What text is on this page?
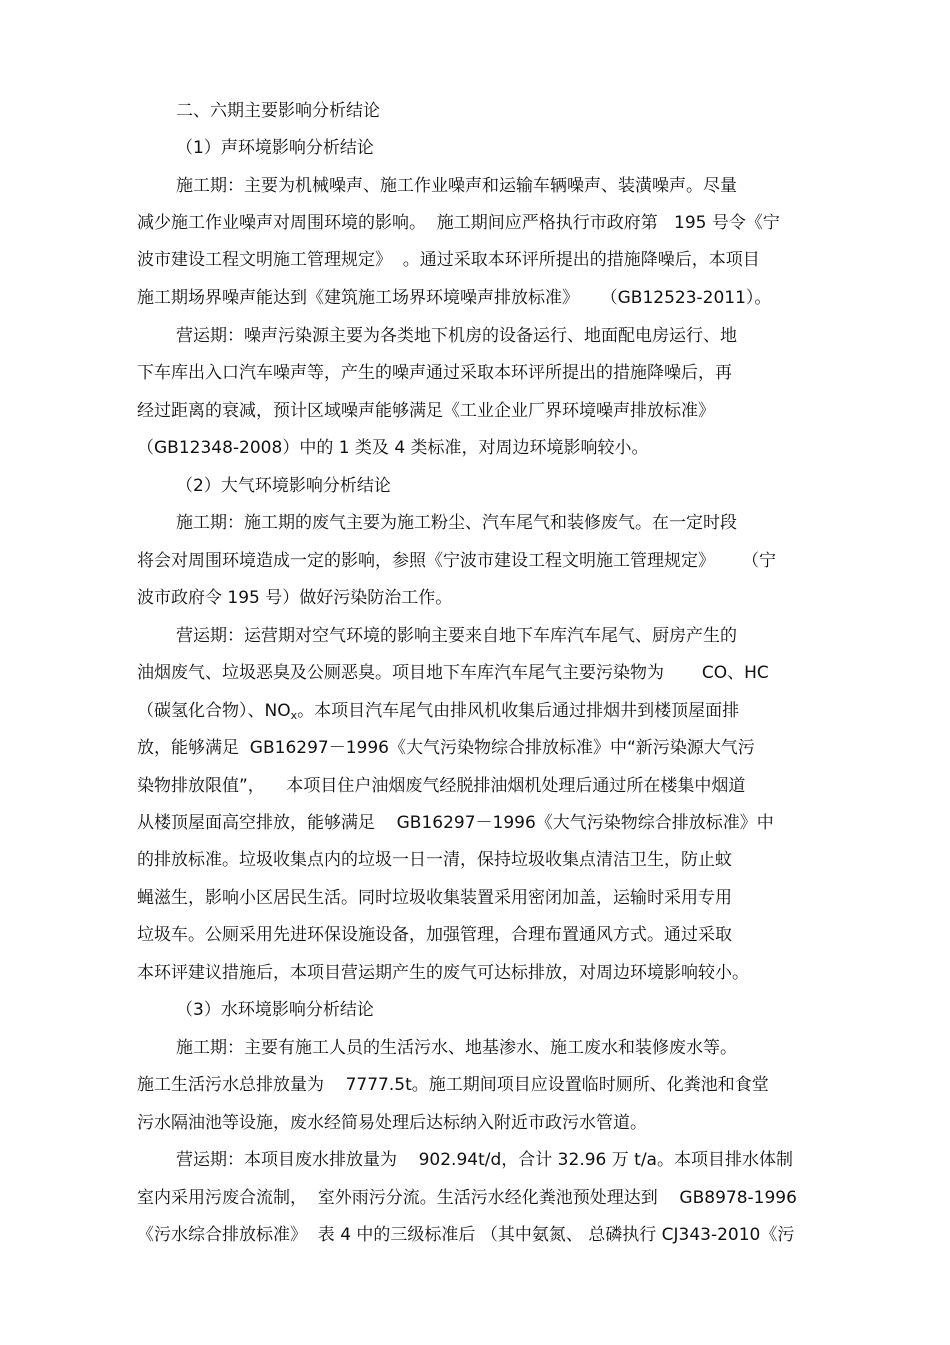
二、六期主要影响分析结论
（1）声环境影响分析结论
施工期：主要为机械噪声、施工作业噪声和运输车辆噪声、装潢噪声。尽量
减少施工作业噪声对周围环境的影响。  施工期间应严格执行市政府第   195 号令《宁
波市建设工程文明施工管理规定》  。通过采取本环评所提出的措施降噪后，本项目
施工期场界噪声能达到《建筑施工场界环境噪声排放标准》    （GB12523-2011）。
营运期：噪声污染源主要为各类地下机房的设备运行、地面配电房运行、地
下车库出入口汽车噪声等，产生的噪声通过采取本环评所提出的措施降噪后，再
经过距离的衰减，预计区域噪声能够满足《工业企业厂界环境噪声排放标准》
（GB12348-2008）中的 1 类及 4 类标准，对周边环境影响较小。
（2）大气环境影响分析结论
施工期：施工期的废气主要为施工粉尘、汽车尾气和装修废气。在一定时段
将会对周围环境造成一定的影响，参照《宁波市建设工程文明施工管理规定》     （宁
波市政府令 195 号）做好污染防治工作。
营运期：运营期对空气环境的影响主要来自地下车库汽车尾气、厨房产生的
油烟废气、垃圾恶臭及公厕恶臭。项目地下车库汽车尾气主要污染物为       CO、HC
（碳氢化合物）、$NO_x$。本项目汽车尾气由排风机收集后通过排烟井到楼顶屋面排
放，能够满足  GB16297－1996《大气污染物综合排放标准》中“新污染源大气污
染物排放限值”，    本项目住户油烟废气经脱排油烟机处理后通过所在楼集中烟道
从楼顶屋面高空排放，能够满足    GB16297－1996《大气污染物综合排放标准》中
的排放标准。垃圾收集点内的垃圾一日一清，保持垃圾收集点清洁卫生，防止蚊
蝇滋生，影响小区居民生活。同时垃圾收集装置采用密闭加盖，运输时采用专用
垃圾车。公厕采用先进环保设施设备，加强管理，合理布置通风方式。通过采取
本环评建议措施后，本项目营运期产生的废气可达标排放，对周边环境影响较小。
（3）水环境影响分析结论
施工期：主要有施工人员的生活污水、地基渗水、施工废水和装修废水等。
施工生活污水总排放量为    7777.5t。施工期间项目应设置临时厕所、化粪池和食堂
污水隔油池等设施，废水经简易处理后达标纳入附近市政污水管道。
营运期：本项目废水排放量为    902.94t/d，合计 32.96 万 t/a。本项目排水体制
室内采用污废合流制，  室外雨污分流。生活污水经化粪池预处理达到    GB8978-1996
《污水综合排放标准》  表 4 中的三级标准后 （其中氨氮、 总磷执行 CJ343-2010《污
